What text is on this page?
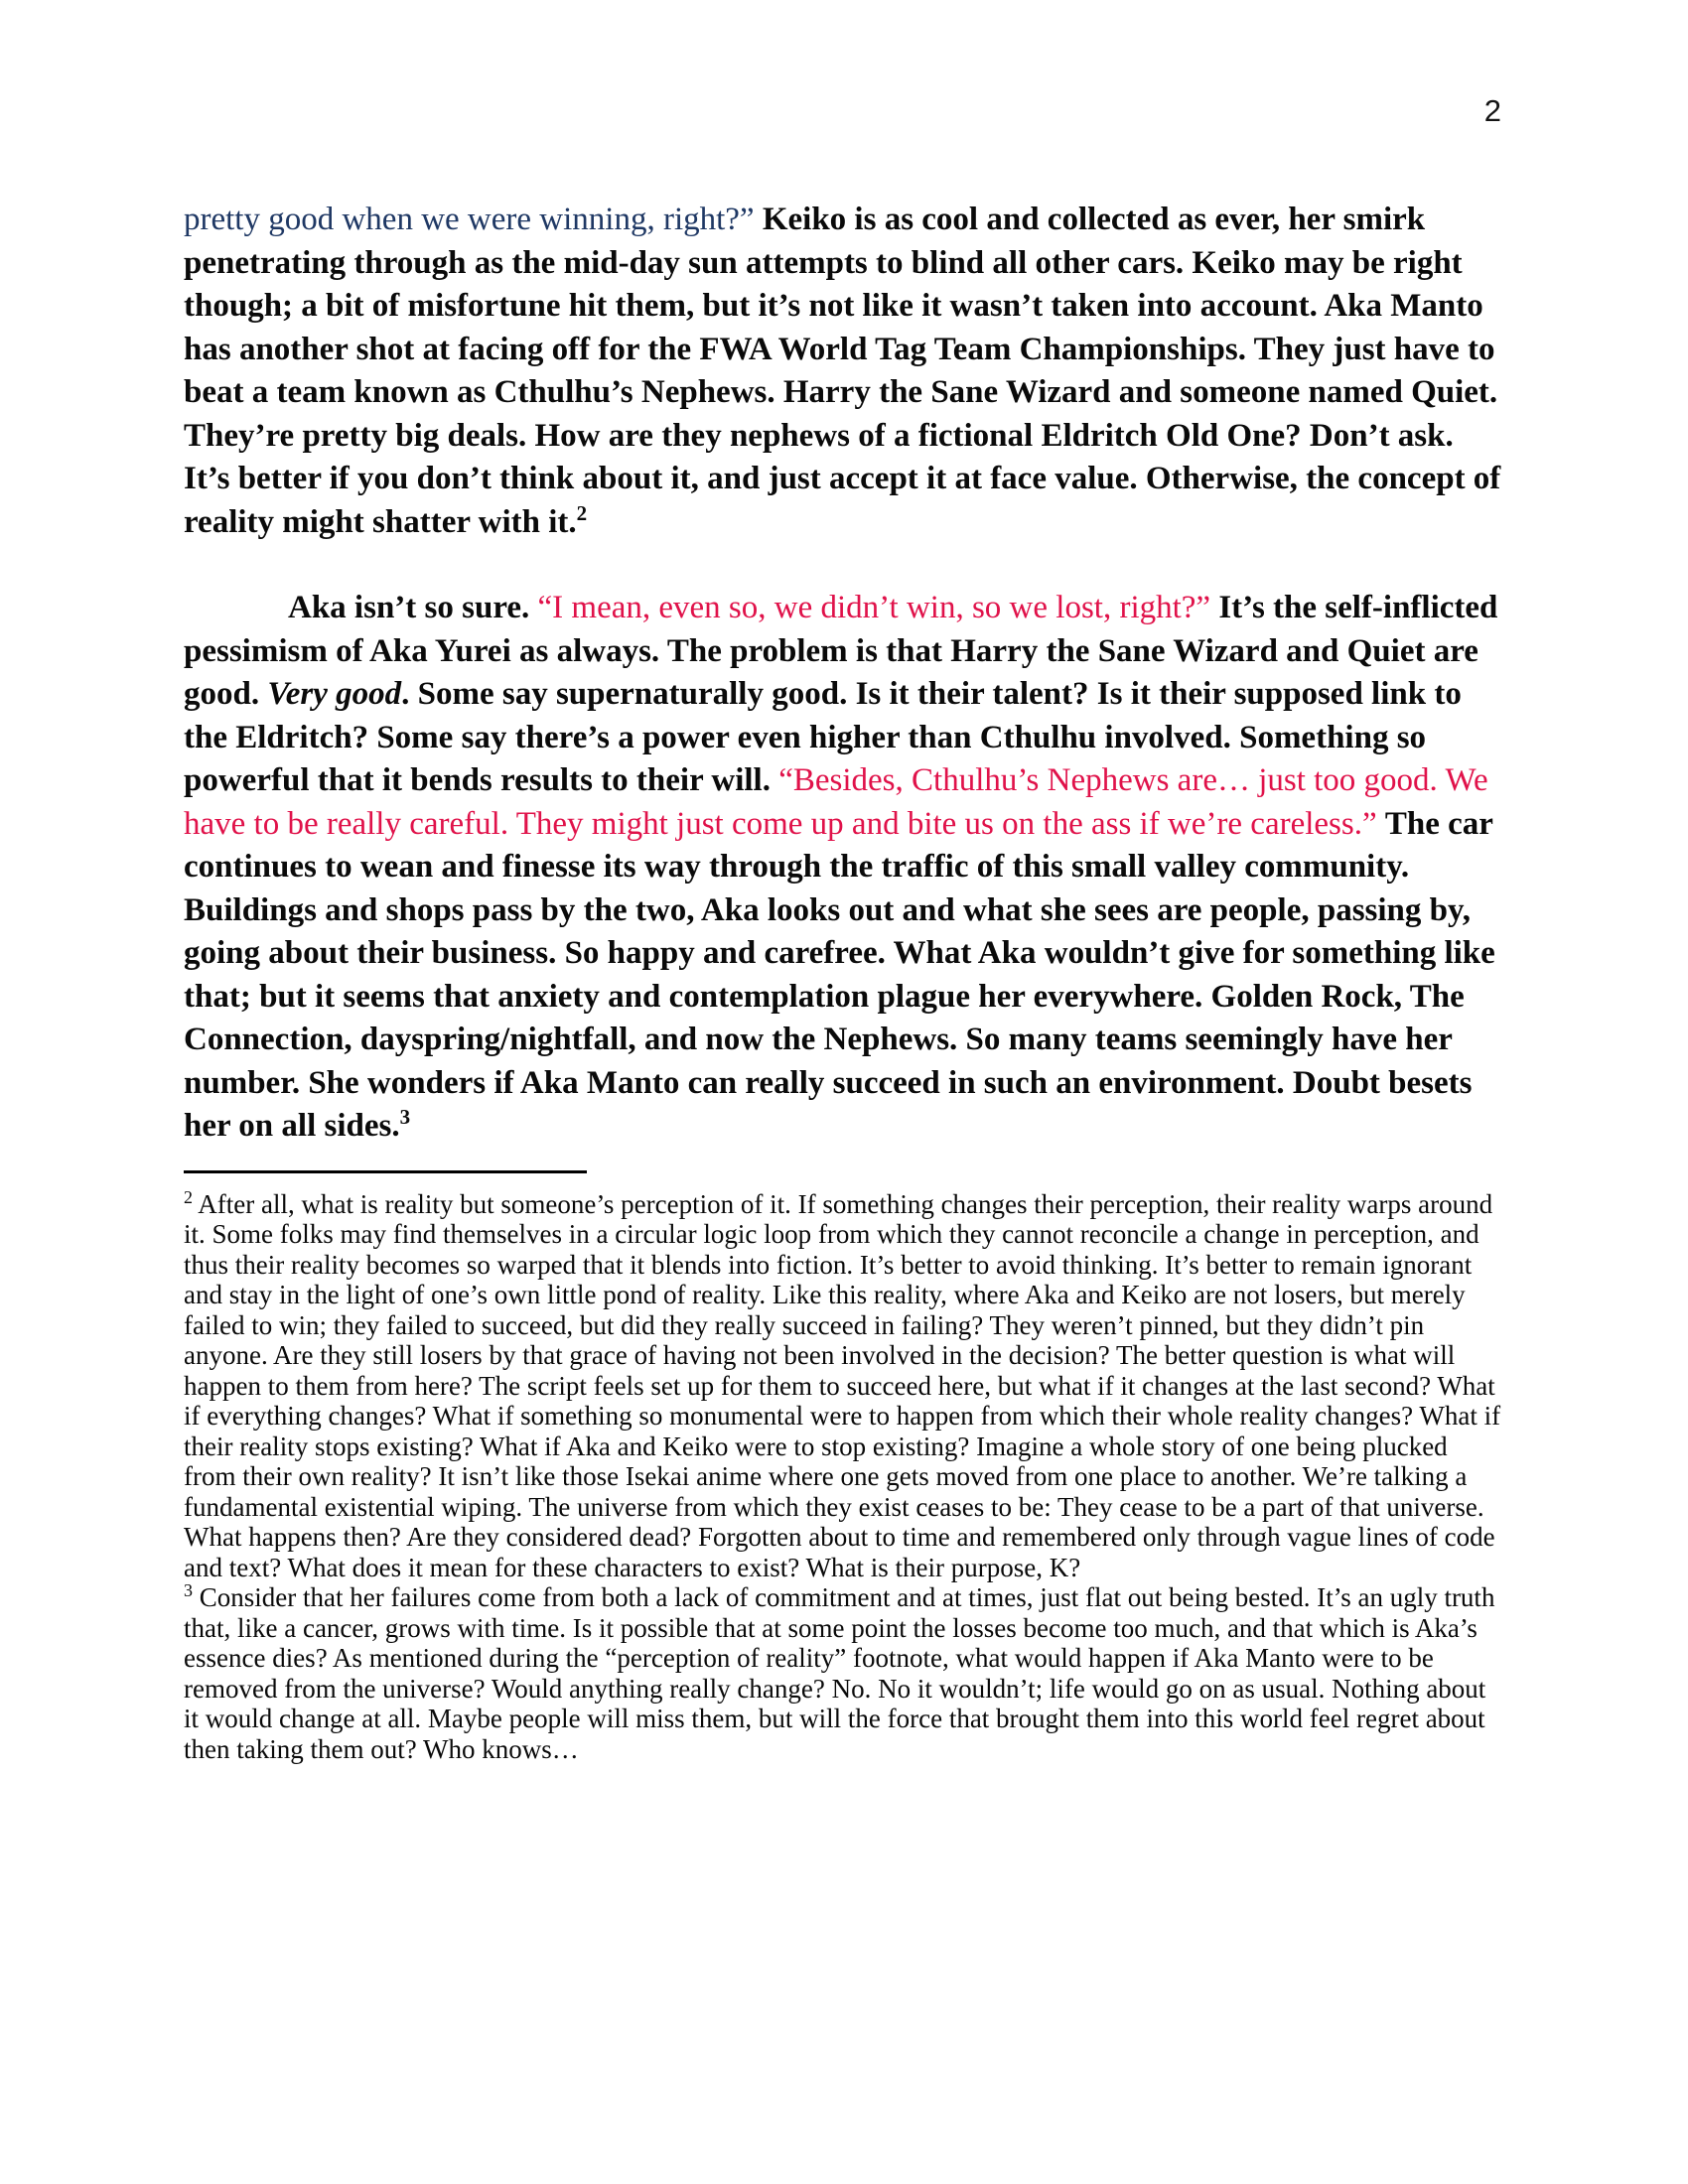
2

pretty good when we were winning, right?” Keiko is as cool and collected as ever, her smirk penetrating through as the mid-day sun attempts to blind all other cars. Keiko may be right though; a bit of misfortune hit them, but it’s not like it wasn’t taken into account. Aka Manto has another shot at facing off for the FWA World Tag Team Championships. They just have to beat a team known as Cthulhu’s Nephews. Harry the Sane Wizard and someone named Quiet. They’re pretty big deals. How are they nephews of a fictional Eldritch Old One? Don’t ask. It’s better if you don’t think about it, and just accept it at face value. Otherwise, the concept of reality might shatter with it.$^2$

Aka isn’t so sure. “I mean, even so, we didn’t win, so we lost, right?” It’s the self-inflicted pessimism of Aka Yurei as always. The problem is that Harry the Sane Wizard and Quiet are good. Very good. Some say supernaturally good. Is it their talent? Is it their supposed link to the Eldritch? Some say there’s a power even higher than Cthulhu involved. Something so powerful that it bends results to their will. “Besides, Cthulhu’s Nephews are… just too good. We have to be really careful. They might just come up and bite us on the ass if we’re careless.” The car continues to wean and finesse its way through the traffic of this small valley community. Buildings and shops pass by the two, Aka looks out and what she sees are people, passing by, going about their business. So happy and carefree. What Aka wouldn’t give for something like that; but it seems that anxiety and contemplation plague her everywhere. Golden Rock, The Connection, dayspring/nightfall, and now the Nephews. So many teams seemingly have her number. She wonders if Aka Manto can really succeed in such an environment. Doubt besets her on all sides.$^3$

$^2$ After all, what is reality but someone’s perception of it. If something changes their perception, their reality warps around it. Some folks may find themselves in a circular logic loop from which they cannot reconcile a change in perception, and thus their reality becomes so warped that it blends into fiction. It’s better to avoid thinking. It’s better to remain ignorant and stay in the light of one’s own little pond of reality. Like this reality, where Aka and Keiko are not losers, but merely failed to win; they failed to succeed, but did they really succeed in failing? They weren’t pinned, but they didn’t pin anyone. Are they still losers by that grace of having not been involved in the decision? The better question is what will happen to them from here? The script feels set up for them to succeed here, but what if it changes at the last second? What if everything changes? What if something so monumental were to happen from which their whole reality changes? What if their reality stops existing? What if Aka and Keiko were to stop existing? Imagine a whole story of one being plucked from their own reality? It isn’t like those Isekai anime where one gets moved from one place to another. We’re talking a fundamental existential wiping. The universe from which they exist ceases to be: They cease to be a part of that universe. What happens then? Are they considered dead? Forgotten about to time and remembered only through vague lines of code and text? What does it mean for these characters to exist? What is their purpose, K?

$^3$ Consider that her failures come from both a lack of commitment and at times, just flat out being bested. It’s an ugly truth that, like a cancer, grows with time. Is it possible that at some point the losses become too much, and that which is Aka’s essence dies? As mentioned during the “perception of reality” footnote, what would happen if Aka Manto were to be removed from the universe? Would anything really change? No. No it wouldn’t; life would go on as usual. Nothing about it would change at all. Maybe people will miss them, but will the force that brought them into this world feel regret about then taking them out? Who knows…
